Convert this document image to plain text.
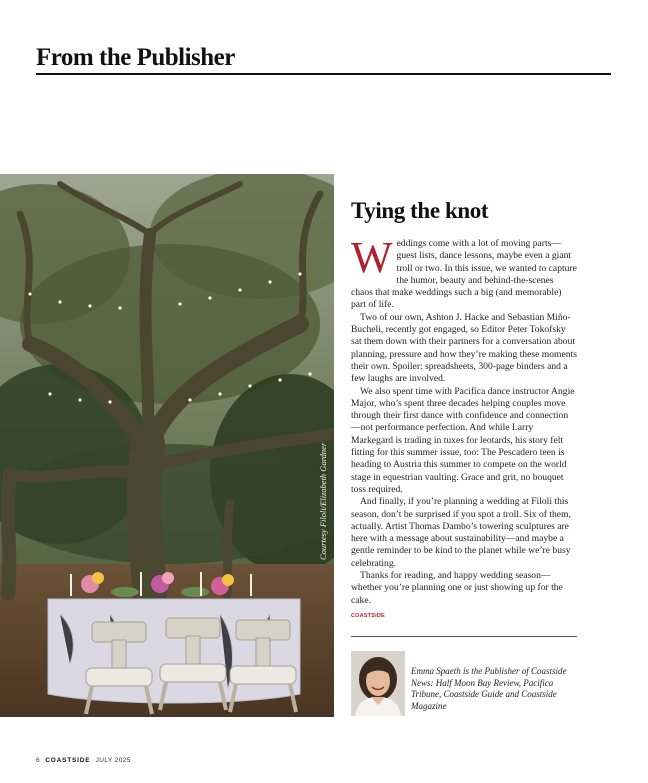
From the Publisher
Courtesy Filoli/Elizabeth Gardner
Tying the knot

Weddings come with a lot of moving parts—guest lists, dance lessons, maybe even a giant troll or two. In this issue, we wanted to capture the humor, beauty and behind-the-scenes chaos that make weddings such a big (and memorable) part of life.

Two of our own, Ashton J. Hacke and Sebastian Miño-Bucheli, recently got engaged, so Editor Peter Tokofsky sat them down with their partners for a conversation about planning, pressure and how they’re making these moments their own. Spoiler: spreadsheets, 300-page binders and a few laughs are involved.

We also spent time with Pacifica dance instructor Angie Major, who’s spent three decades helping couples move through their first dance with confidence and connection—not performance perfection. And while Larry Markegard is trading in tuxes for leotards, his story felt fitting for this summer issue, too: The Pescadero teen is heading to Austria this summer to compete on the world stage in equestrian vaulting. Grace and grit, no bouquet toss required.

And finally, if you’re planning a wedding at Filoli this season, don’t be surprised if you spot a troll. Six of them, actually. Artist Thomas Dambo’s towering sculptures are here with a message about sustainability—and maybe a gentle reminder to be kind to the planet while we’re busy celebrating.

Thanks for reading, and happy wedding season—whether you’re planning one or just showing up for the cake.

COASTSIDE
Emma Spaeth is the Publisher of Coastside News: Half Moon Bay Review, Pacifica Tribune, Coastside Guide and Coastside Magazine
6 COASTSIDE JULY 2025
